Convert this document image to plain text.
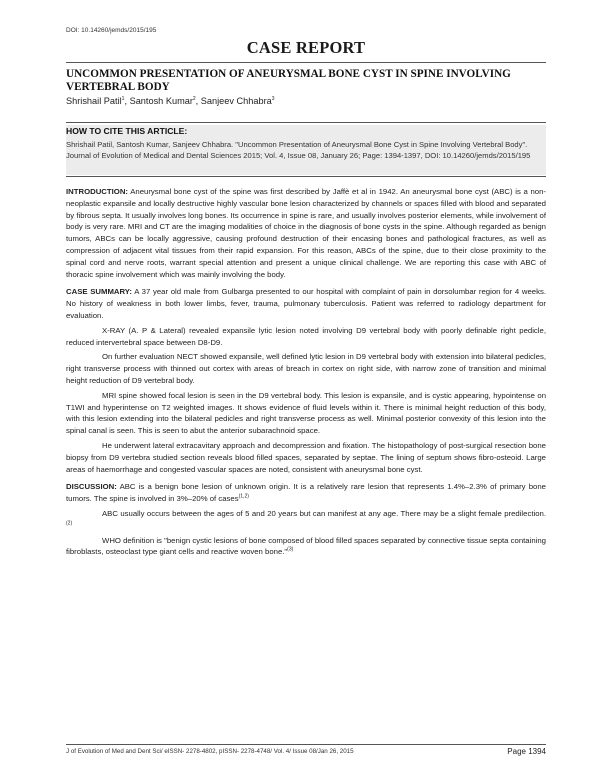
DOI: 10.14260/jemds/2015/195
CASE REPORT
UNCOMMON PRESENTATION OF ANEURYSMAL BONE CYST IN SPINE INVOLVING VERTEBRAL BODY
Shrishail Patil$^1$, Santosh Kumar$^2$, Sanjeev Chhabra$^3$
HOW TO CITE THIS ARTICLE:
Shrishail Patil, Santosh Kumar, Sanjeev Chhabra. "Uncommon Presentation of Aneurysmal Bone Cyst in Spine Involving Vertebral Body". Journal of Evolution of Medical and Dental Sciences 2015; Vol. 4, Issue 08, January 26; Page: 1394-1397, DOI: 10.14260/jemds/2015/195

INTRODUCTION: Aneurysmal bone cyst of the spine was first described by Jaffè et al in 1942. An aneurysmal bone cyst (ABC) is a non-neoplastic expansile and locally destructive highly vascular bone lesion characterized by channels or spaces filled with blood and separated by fibrous septa. It usually involves long bones. Its occurrence in spine is rare, and usually involves posterior elements, while involvement of body is very rare. MRI and CT are the imaging modalities of choice in the diagnosis of bone cysts in the spine. Although regarded as benign tumors, ABCs can be locally aggressive, causing profound destruction of their encasing bones and pathological fractures, as well as compression of adjacent vital tissues from their rapid expansion. For this reason, ABCs of the spine, due to their close proximity to the spinal cord and nerve roots, warrant special attention and present a unique clinical challenge. We are reporting this case with ABC of thoracic spine involvement which was mainly involving the body.

CASE SUMMARY: A 37 year old male from Gulbarga presented to our hospital with complaint of pain in dorsolumbar region for 4 weeks. No history of weakness in both lower limbs, fever, trauma, pulmonary tuberculosis. Patient was referred to radiology department for evaluation.

X-RAY (A. P & Lateral) revealed expansile lytic lesion noted involving D9 vertebral body with poorly definable right pedicle, reduced intervertebral space between D8-D9.

On further evaluation NECT showed expansile, well defined lytic lesion in D9 vertebral body with extension into bilateral pedicles, right transverse process with thinned out cortex with areas of breach in cortex on right side, with narrow zone of transition and minimal height reduction of D9 vertebral body.

MRI spine showed focal lesion is seen in the D9 vertebral body. This lesion is expansile, and is cystic appearing, hypointense on T1WI and hyperintense on T2 weighted images. It shows evidence of fluid levels within it. There is minimal height reduction of this body, with this lesion extending into the bilateral pedicles and right transverse process as well. Minimal posterior convexity of this lesion into the spinal canal is seen. This is seen to abut the anterior subarachnoid space.

He underwent lateral extracavitary approach and decompression and fixation. The histopathology of post-surgical resection bone biopsy from D9 vertebra studied section reveals blood filled spaces, separated by septae. The lining of septum shows fibro-osteoid. Large areas of haemorrhage and congested vascular spaces are noted, consistent with aneurysmal bone cyst.

DISCUSSION: ABC is a benign bone lesion of unknown origin. It is a relatively rare lesion that represents 1.4%–2.3% of primary bone tumors. The spine is involved in 3%–20% of cases$^{(1,2)}$

ABC usually occurs between the ages of 5 and 20 years but can manifest at any age. There may be a slight female predilection.$^{(2)}$

WHO definition is "benign cystic lesions of bone composed of blood filled spaces separated by connective tissue septa containing fibroblasts, osteoclast type giant cells and reactive woven bone."$^{(3)}$

J of Evolution of Med and Dent Sci/ eISSN- 2278-4802, pISSN- 2278-4748/ Vol. 4/ Issue 08/Jan 26, 2015	Page 1394
